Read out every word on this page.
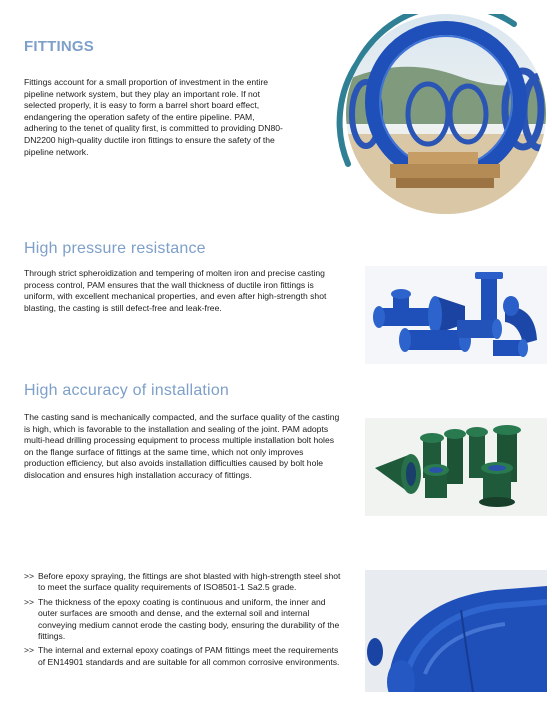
FITTINGS
Fittings account for a small proportion of investment in the entire pipeline network system, but they play an important role. If not selected properly, it is easy to form a barrel short board effect, endangering the operation safety of the entire pipeline. PAM, adhering to the tenet of quality first, is committed to providing DN80-DN2200 high-quality ductile iron fittings to ensure the safety of the pipeline network.
High pressure resistance
Through strict spheroidization and tempering of molten iron and precise casting process control, PAM ensures that the wall thickness of ductile iron fittings is uniform, with excellent mechanical properties, and even after high-strength shot blasting, the casting is still defect-free and leak-free.
High accuracy of installation
The casting sand is mechanically compacted, and the surface quality of the casting is high, which is favorable to the installation and sealing of the joint. PAM adopts multi-head drilling processing equipment to process multiple installation bolt holes on the flange surface of fittings at the same time, which not only improves production efficiency, but also avoids installation difficulties caused by bolt hole dislocation and ensures high installation accuracy of fittings.

>> Before epoxy spraying, the fittings are shot blasted with high-strength steel shot to meet the surface quality requirements of ISO8501-1 Sa2.5 grade.

>> The thickness of the epoxy coating is continuous and uniform, the inner and outer surfaces are smooth and dense, and the external soil and internal conveying medium cannot erode the casting body, ensuring the durability of the fittings.

>> The internal and external epoxy coatings of PAM fittings meet the requirements of EN14901 standards and are suitable for all common corrosive environments.
